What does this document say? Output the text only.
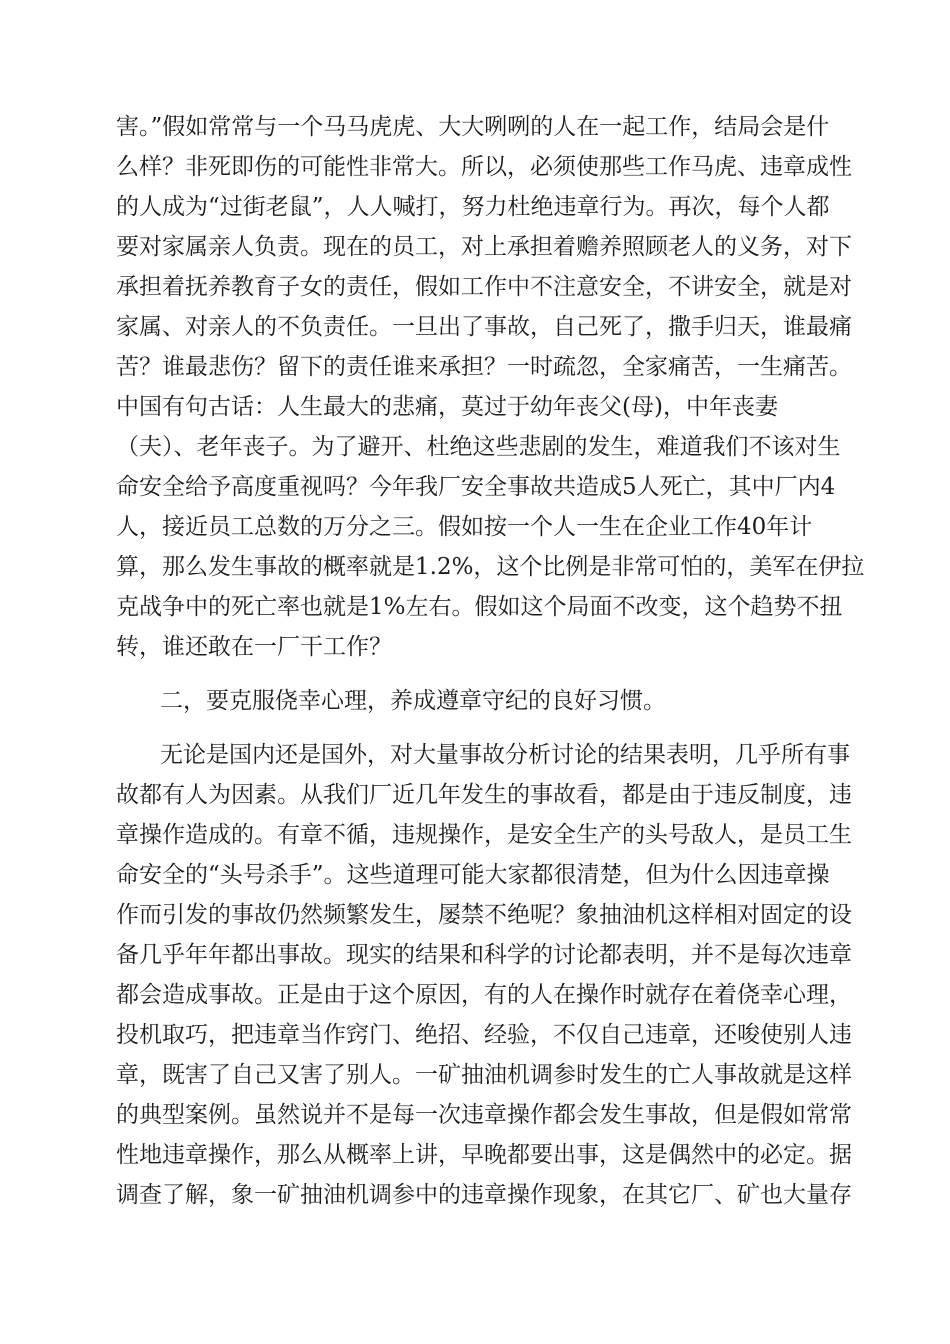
害。”假如常常与一个马马虎虎、大大咧咧的人在一起工作，结局会是什
么样？非死即伤的可能性非常大。所以，必须使那些工作马虎、违章成性
的人成为“过街老鼠”，人人喊打，努力杜绝违章行为。再次，每个人都
要对家属亲人负责。现在的员工，对上承担着赡养照顾老人的义务，对下
承担着抚养教育子女的责任，假如工作中不注意安全，不讲安全，就是对
家属、对亲人的不负责任。一旦出了事故，自己死了，撒手归天，谁最痛
苦？谁最悲伤？留下的责任谁来承担？一时疏忽，全家痛苦，一生痛苦。
中国有句古话：人生最大的悲痛，莫过于幼年丧父(母)，中年丧妻
（夫）、老年丧子。为了避开、杜绝这些悲剧的发生，难道我们不该对生
命安全给予高度重视吗？今年我厂安全事故共造成5人死亡，其中厂内4
人，接近员工总数的万分之三。假如按一个人一生在企业工作40年计
算，那么发生事故的概率就是1.2%，这个比例是非常可怕的，美军在伊拉
克战争中的死亡率也就是1%左右。假如这个局面不改变，这个趋势不扭
转，谁还敢在一厂干工作？
二，要克服侥幸心理，养成遵章守纪的良好习惯。
无论是国内还是国外，对大量事故分析讨论的结果表明，几乎所有事
故都有人为因素。从我们厂近几年发生的事故看，都是由于违反制度，违
章操作造成的。有章不循，违规操作，是安全生产的头号敌人，是员工生
命安全的“头号杀手”。这些道理可能大家都很清楚，但为什么因违章操
作而引发的事故仍然频繁发生，屡禁不绝呢？象抽油机这样相对固定的设
备几乎年年都出事故。现实的结果和科学的讨论都表明，并不是每次违章
都会造成事故。正是由于这个原因，有的人在操作时就存在着侥幸心理，
投机取巧，把违章当作窍门、绝招、经验，不仅自己违章，还唆使别人违
章，既害了自己又害了别人。一矿抽油机调参时发生的亡人事故就是这样
的典型案例。虽然说并不是每一次违章操作都会发生事故，但是假如常常
性地违章操作，那么从概率上讲，早晚都要出事，这是偶然中的必定。据
调查了解，象一矿抽油机调参中的违章操作现象，在其它厂、矿也大量存
